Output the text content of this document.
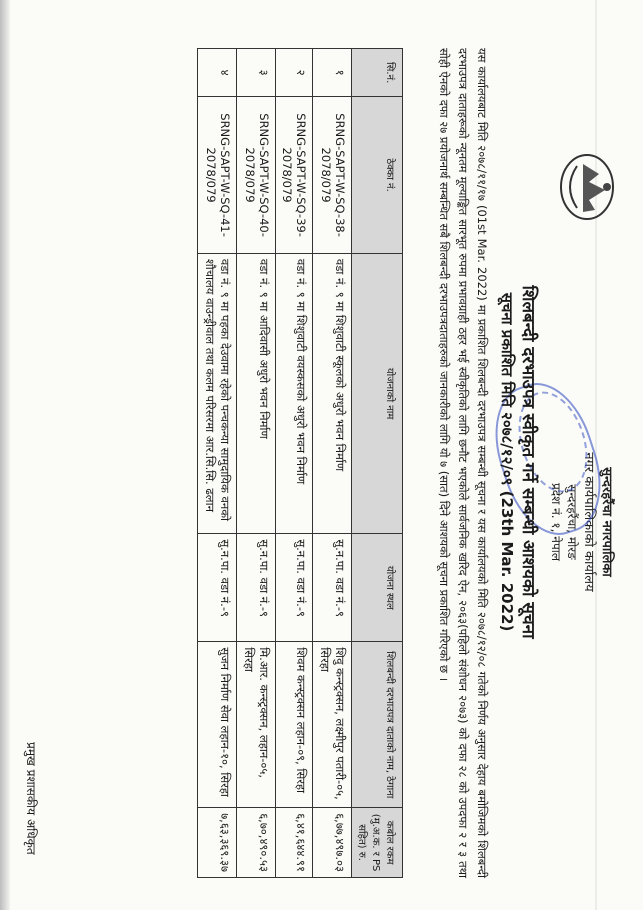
सुन्दरहरैंचा नगरपालिका
नगर कार्यपालिकाको कार्यालय
सुन्दरहरैंचा, मोरङ
प्रदेश नं. १, नेपाल
शिलबन्दी दरभाउपत्र स्वीकृत गर्ने सम्बन्धी आशयको सूचना
सूचना प्रकाशित मिति २०७८/१२/०९ (23th Mar. 2022)
यस कार्यालयबाट मिति २०७८/११/१७ (01st Mar. 2022) मा प्रकाशित शिलबन्दी दरभाउपत्र सम्बन्धी सूचना र यस कार्यालयको मिति २०७८/१२/०८ गतेको निर्णय अनुसार देहाय बमोजिमको शिलबन्दी दरभाउपत्र दाताहरूको न्यूनतम मूल्याङ्कित सारभूत रुपमा प्रभावग्राही ठहर भई स्वीकृतिको लागि छनौट भएकोले सार्वजनिक खरिद ऐन, २०६३(पहिलो संशोधन २०७३) को दफा २८ को उपदफा २ र ३ तथा सोही ऐनको दफा २७ प्रयोजनार्थ सम्बन्धित सबै शिलबन्दी दरभाउपत्रदाताहरुको जानकारीको लागि यो ७ (सात) दिने आशयको सूचना प्रकाशित गरिएको छ ।
सि.नं.	ठेक्का नं.	योजनाको नाम	योजना स्थल	शिलबन्दी दरभाउपत्र दाताको नाम, ठेगाना	कबोल रकम (मु.अ.क. र PS सहित) रु.
१	SRNG-SAPT-W-SQ-38-2078/079	वडा नं. ९ मा शिशुवाटी स्कूलको अधुरो भवन निर्माण	सु.न.पा. वडा नं.-९	शिवु कन्स्ट्रक्सन, लक्ष्मीपुर पतारी-०५, सिरहा	६,७७,४९७.०३
२	SRNG-SAPT-W-SQ-39-2078/079	वडा नं. ९ मा शिशुवाटी वयस्कसको अधुरो भवन निर्माण	सु.न.पा. वडा नं.-९	शिवम कन्स्ट्रक्सन लहान-०९, सिरहा	६,४१,६४४.९१
३	SRNG-SAPT-W-SQ-40-2078/079	वडा नं. ९ मा आदिवासी अधुरो भवन निर्माण	सु.न.पा. वडा नं.-९	मि.आर. कन्स्ट्रक्सन, लहान-०५, सिरहा	६,७०,४९०.५३
४	SRNG-SAPT-W-SQ-41-2078/079	वडा नं. ९ मा पहका देउवामा रहेको पन्चकन्या सामुदायिक वनको शौचालय वाउन्ड्रीवाल तथा कलम परिसरमा आर.सि.सि. ढलान	सु.न.पा. वडा नं.-९	सुजन निर्माण सेवा लहान-१०, सिरहा	७,६३,३६९.३७
प्रमुख प्रशासकीय अधिकृत
